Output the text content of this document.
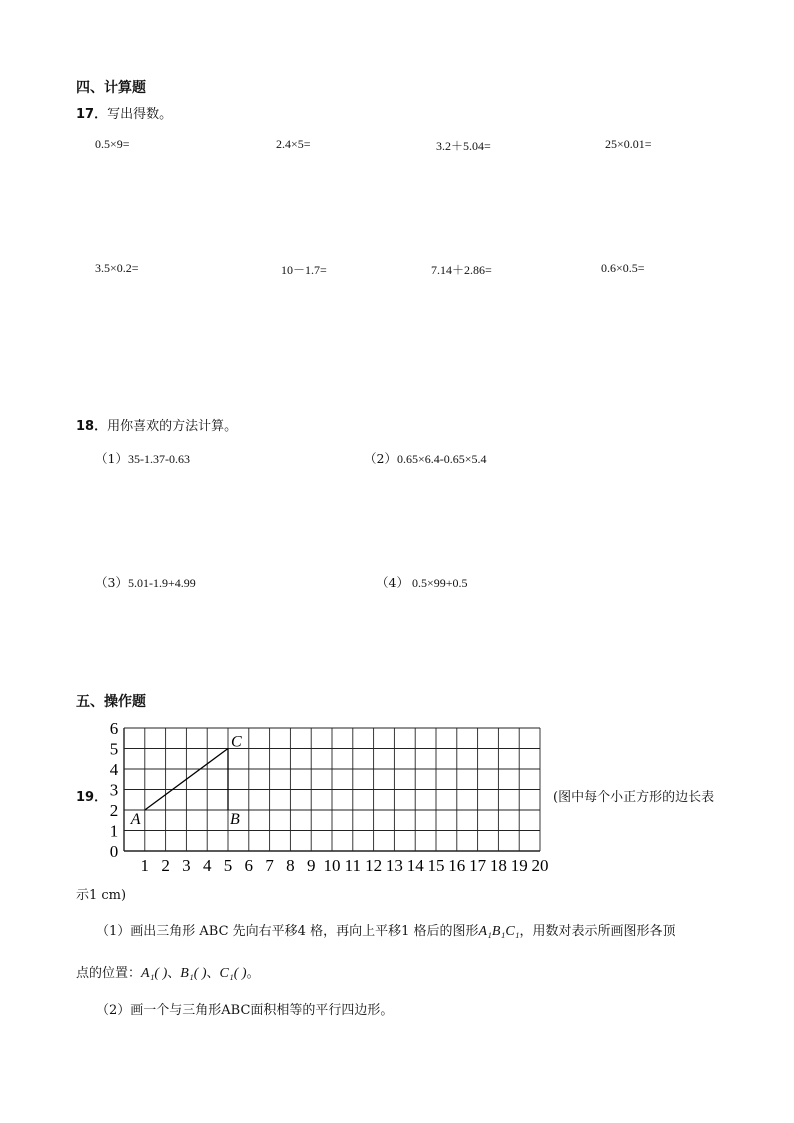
四、计算题
17．写出得数。
0.5×9=	2.4×5=	3.2＋5.04=	25×0.01=
3.5×0.2=	10－1.7=	7.14＋2.86=	0.6×0.5=
18．用你喜欢的方法计算。
（1）35-1.37-0.63	（2）0.65×6.4-0.65×5.4
（3）5.01-1.9+4.99	（4） 0.5×99+0.5
五、操作题
19．
1 2 3 4 5 6 7 8 9 10 11 12 13 14 15 16 17 18 19 20
0
1
2
3
4
5
6
A	B
C
(图中每个小正方形的边长表
示1 cm)
（1）画出三角形 ABC 先向右平移4 格，再向上平移1 格后的图形A₁B₁C₁，用数对表示所画图形各顶
点的位置：A₁( )、B₁( )、C₁( )。
（2）画一个与三角形ABC面积相等的平行四边形。
